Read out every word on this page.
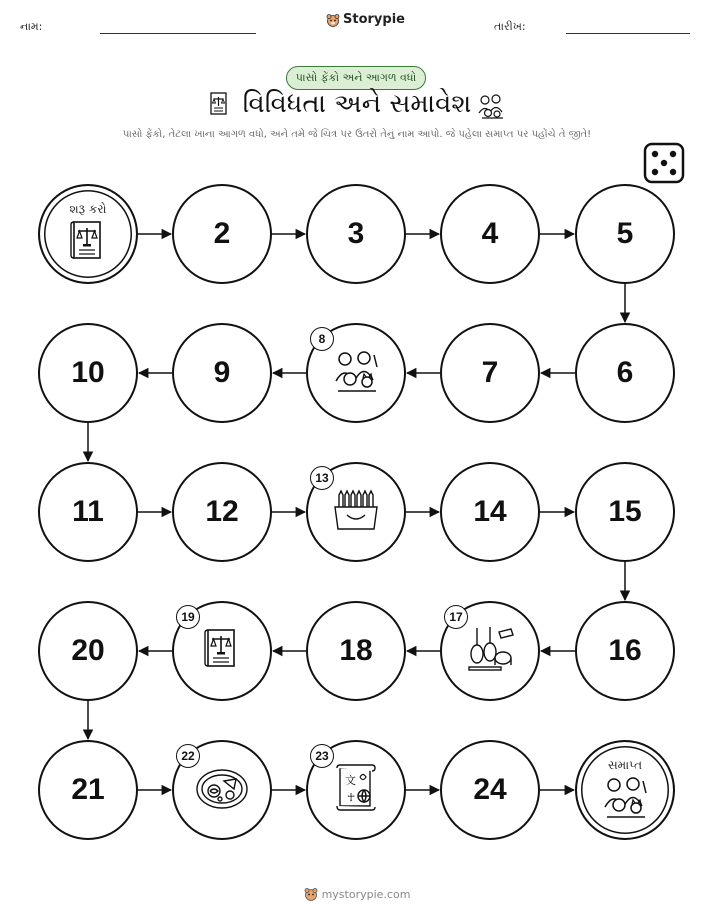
નામ:	Storypie	તારીખ:
પાસો ફેંકો અને આગળ વધો
વિવિધતા અને સમાવેશ
પાસો ફેંકો, તેટલા ખાના આગળ વધો, અને તમે જે ચિત્ર પર ઉતરો તેનું નામ આપો. જે પહેલા સમાપ્ત પર પહોંચે તે જીતે!
શરૂ કરો
2	3	4	5
6
7
8
9
10
11	12
13
14	15
16
17
18
19
20
21
22
文
☥
23
24
સમાપ્ત
mystorypie.com
